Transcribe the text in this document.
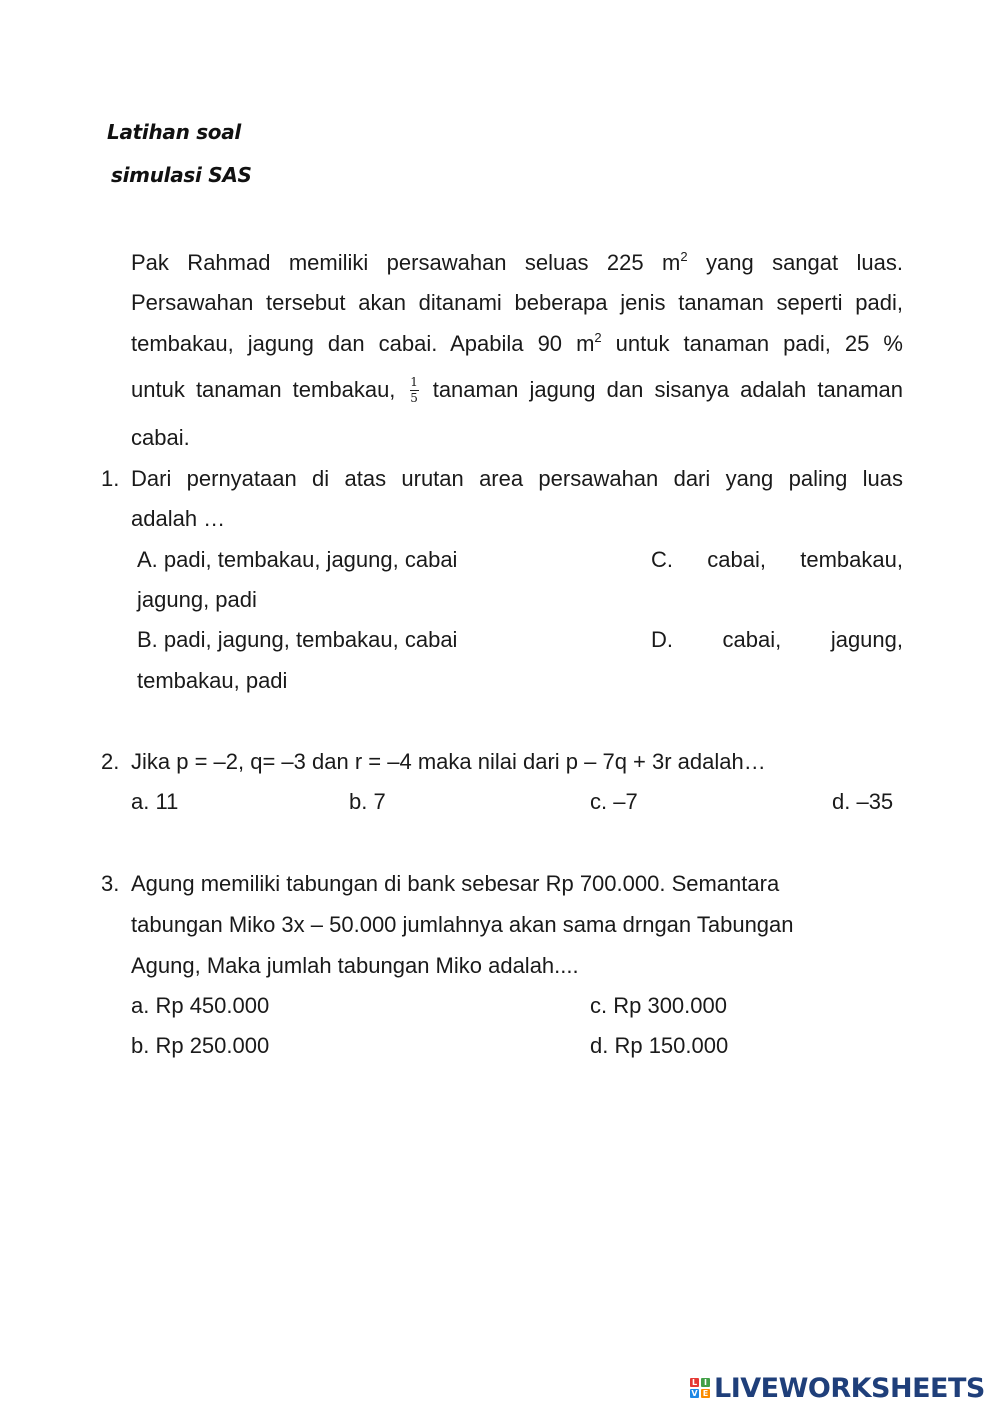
Latihan soal
simulasi SAS
Pak Rahmad memiliki persawahan seluas 225 $m^2$ yang sangat luas.
Persawahan tersebut akan ditanami beberapa jenis tanaman seperti padi,
tembakau, jagung dan cabai. Apabila 90 $m^2$ untuk tanaman padi, 25 %
untuk tanaman tembakau, $\frac{1}{5}$ tanaman jagung dan sisanya adalah tanaman
cabai.
1. Dari pernyataan di atas urutan area persawahan dari yang paling luas
adalah …
A. padi, tembakau, jagung, cabai	C. cabai, tembakau,
jagung, padi
B. padi, jagung, tembakau, cabai	D. cabai, jagung,
tembakau, padi
2. Jika p = –2, q= –3 dan r = –4 maka nilai dari p – 7q + 3r adalah…
a. 11	b. 7	c. –7	d. –35
3. Agung memiliki tabungan di bank sebesar Rp 700.000. Semantara
tabungan Miko 3x – 50.000 jumlahnya akan sama drngan Tabungan
Agung, Maka jumlah tabungan Miko adalah....
a. Rp 450.000	c. Rp 300.000
b. Rp 250.000	d. Rp 150.000
L I
V E LIVEWORKSHEETS
